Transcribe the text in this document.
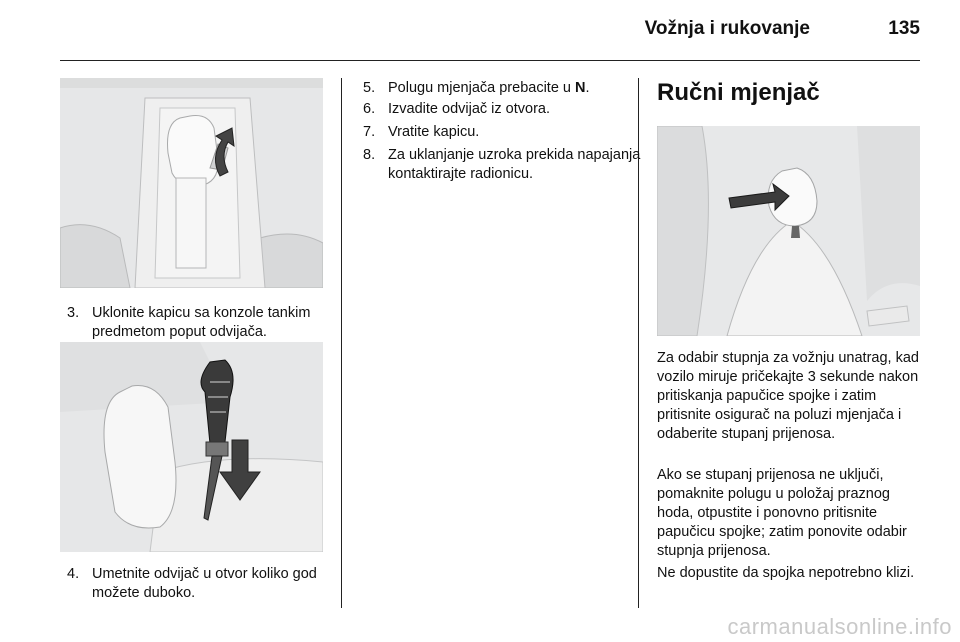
Vožnja i rukovanje	135
3. Uklonite kapicu sa konzole tankim predmetom poput odvijača.
4. Umetnite odvijač u otvor koliko god možete duboko.
5. Polugu mjenjača prebacite u N.
6. Izvadite odvijač iz otvora.
7. Vratite kapicu.
8. Za uklanjanje uzroka prekida napajanja kontaktirajte radionicu.
Ručni mjenjač
Za odabir stupnja za vožnju unatrag, kad vozilo miruje pričekajte 3 sekunde nakon pritiskanja papučice spojke i zatim pritisnite osigurač na poluzi mjenjača i odaberite stupanj prijenosa.
Ako se stupanj prijenosa ne uključi, pomaknite polugu u položaj praznog hoda, otpustite i ponovno pritisnite papučicu spojke; zatim ponovite odabir stupnja prijenosa.
Ne dopustite da spojka nepotrebno klizi.
carmanualsonline.info
